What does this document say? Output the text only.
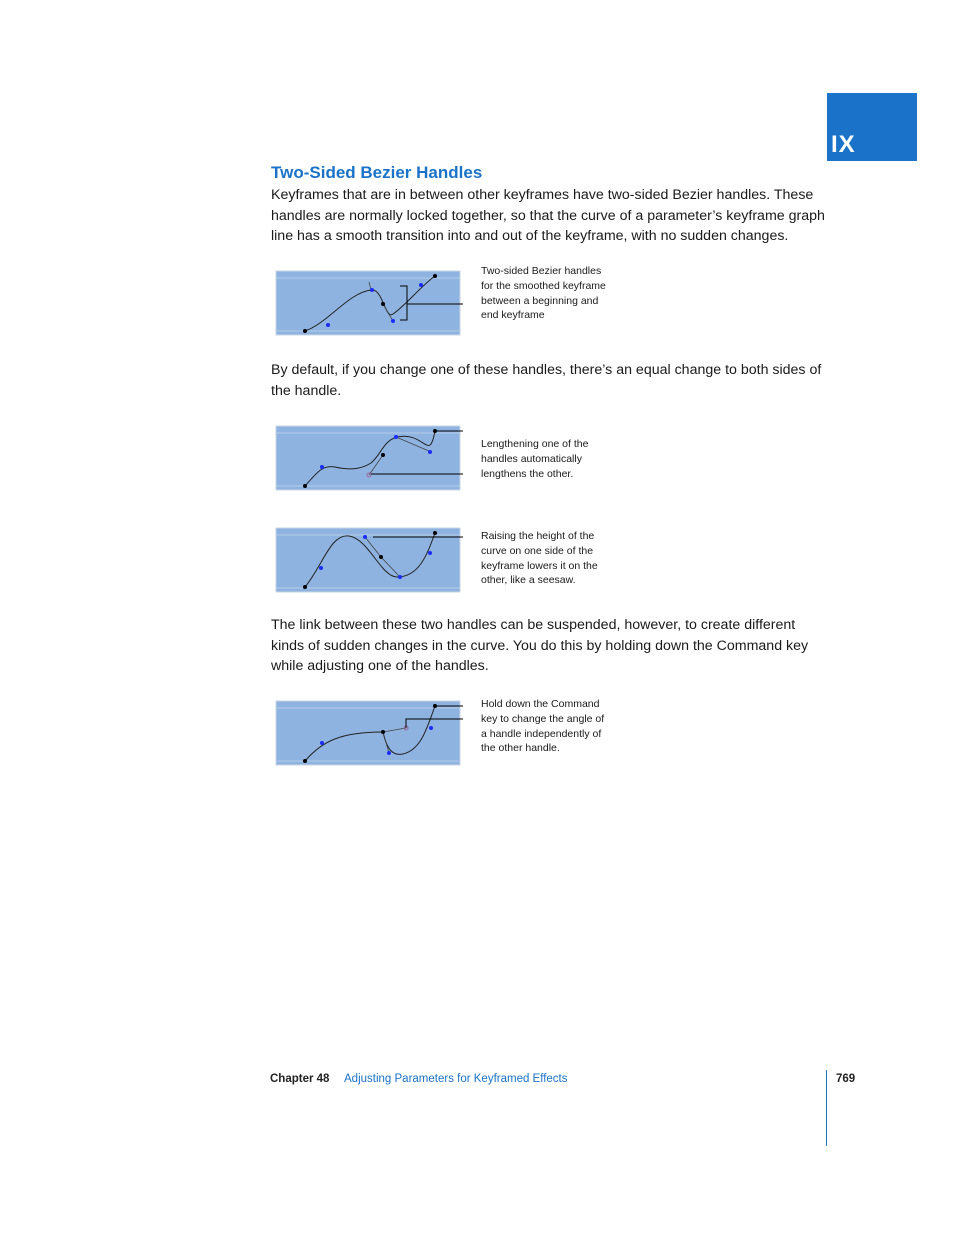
IX
Two-Sided Bezier Handles
Keyframes that are in between other keyframes have two-sided Bezier handles. These handles are normally locked together, so that the curve of a parameter’s keyframe graph line has a smooth transition into and out of the keyframe, with no sudden changes.
Two-sided Bezier handles for the smoothed keyframe between a beginning and end keyframe
By default, if you change one of these handles, there’s an equal change to both sides of the handle.
Lengthening one of the handles automatically lengthens the other.
Raising the height of the curve on one side of the keyframe lowers it on the other, like a seesaw.
The link between these two handles can be suspended, however, to create different kinds of sudden changes in the curve. You do this by holding down the Command key while adjusting one of the handles.
Hold down the Command key to change the angle of a handle independently of the other handle.
Chapter 48 Adjusting Parameters for Keyframed Effects	769
